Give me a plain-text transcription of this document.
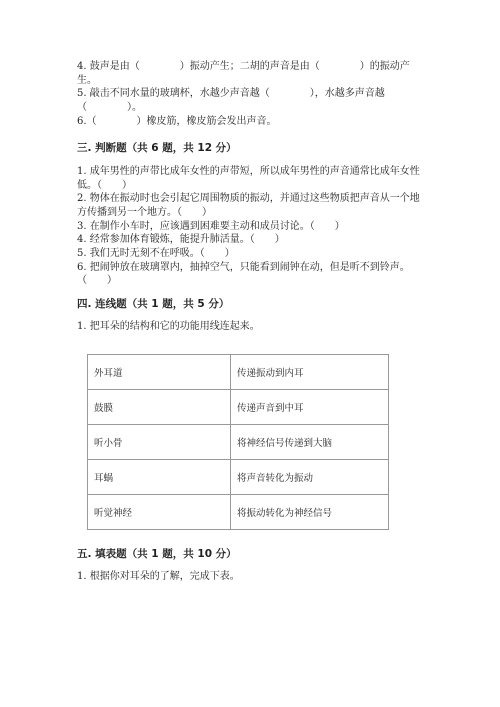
4. 鼓声是由（　　　　）振动产生；二胡的声音是由（　　　　）的振动产
生。
5. 敲击不同水量的玻璃杯，水越少声音越（　　　　），水越多声音越
（　　　　）。
6.（　　　　）橡皮筋，橡皮筋会发出声音。
三. 判断题（共 6 题，共 12 分）
1. 成年男性的声带比成年女性的声带短，所以成年男性的声音通常比成年女性
低。（　　）
2. 物体在振动时也会引起它周围物质的振动，并通过这些物质把声音从一个地
方传播到另一个地方。（　　）
3. 在制作小车时，应该遇到困难要主动和成员讨论。（　　）
4. 经常参加体育锻炼，能提升肺活量。（　　）
5. 我们无时无刻不在呼吸。（　　）
6. 把闹钟放在玻璃罩内，抽掉空气，只能看到闹钟在动，但是听不到铃声。
（　　）
四. 连线题（共 1 题，共 5 分）
1. 把耳朵的结构和它的功能用线连起来。
外耳道	传递振动到内耳
鼓膜	传递声音到中耳
听小骨	将神经信号传递到大脑
耳蜗	将声音转化为振动
听觉神经	将振动转化为神经信号
五. 填表题（共 1 题，共 10 分）
1. 根据你对耳朵的了解，完成下表。
